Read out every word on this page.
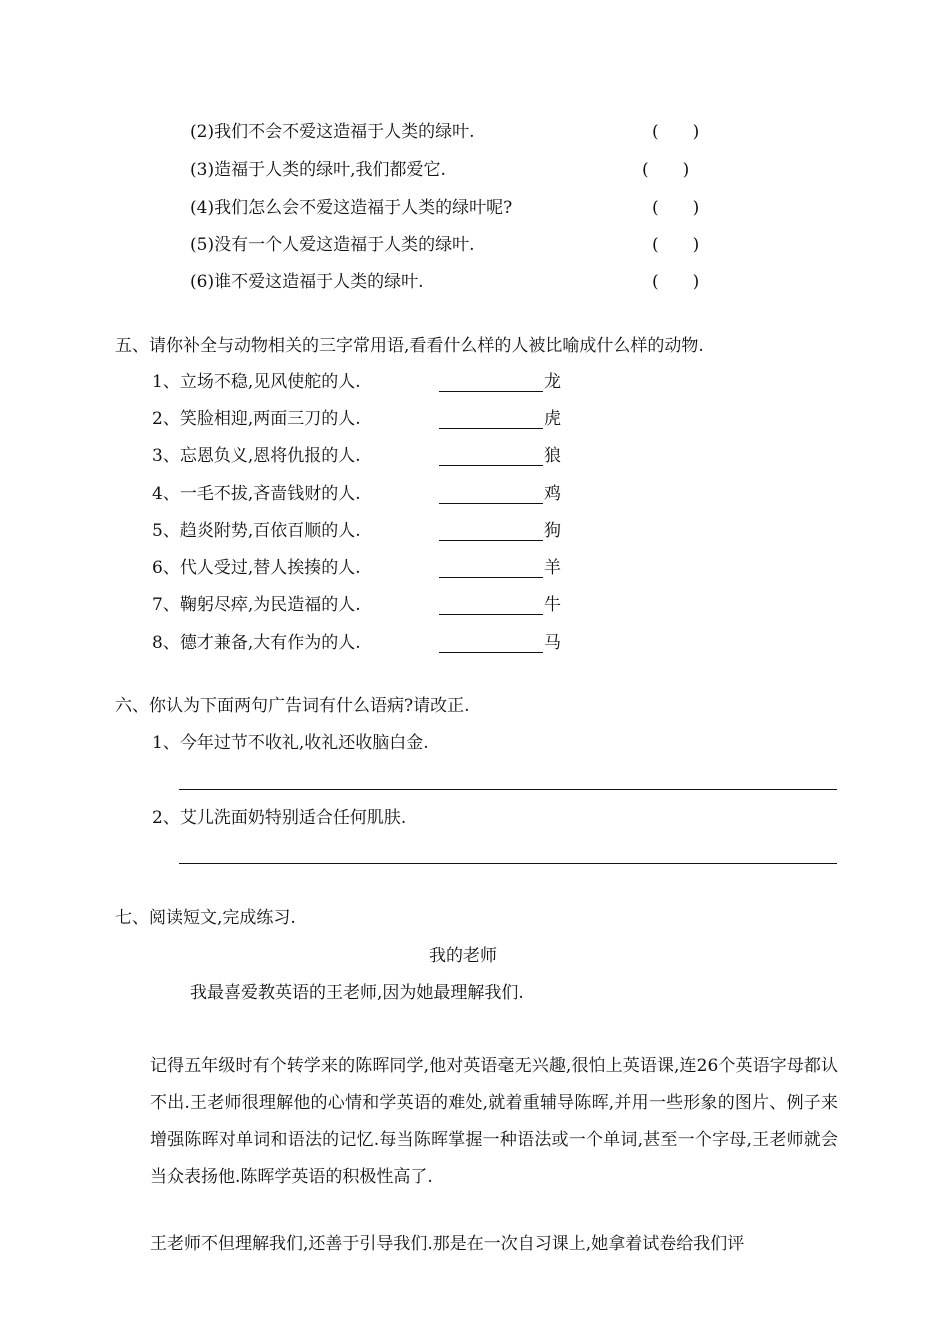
(2)我们不会不爱这造福于人类的绿叶.	(　　)
(3)造福于人类的绿叶,我们都爱它.	(　　)
(4)我们怎么会不爱这造福于人类的绿叶呢?	(　　)
(5)没有一个人爱这造福于人类的绿叶.	(　　)
(6)谁不爱这造福于人类的绿叶.	(　　)
五、请你补全与动物相关的三字常用语,看看什么样的人被比喻成什么样的动物.
1、立场不稳,见风使舵的人.	龙
2、笑脸相迎,两面三刀的人.	虎
3、忘恩负义,恩将仇报的人.	狼
4、一毛不拔,吝啬钱财的人.	鸡
5、趋炎附势,百依百顺的人.	狗
6、代人受过,替人挨揍的人.	羊
7、鞠躬尽瘁,为民造福的人.	牛
8、德才兼备,大有作为的人.	马
六、你认为下面两句广告词有什么语病?请改正.
1、今年过节不收礼,收礼还收脑白金.
2、艾儿洗面奶特别适合任何肌肤.
七、阅读短文,完成练习.
我的老师
我最喜爱教英语的王老师,因为她最理解我们.
记得五年级时有个转学来的陈晖同学,他对英语毫无兴趣,很怕上英语课,连26个英语字母都认不出.王老师很理解他的心情和学英语的难处,就着重辅导陈晖,并用一些形象的图片、例子来增强陈晖对单词和语法的记忆.每当陈晖掌握一种语法或一个单词,甚至一个字母,王老师就会当众表扬他.陈晖学英语的积极性高了.
王老师不但理解我们,还善于引导我们.那是在一次自习课上,她拿着试卷给我们评
